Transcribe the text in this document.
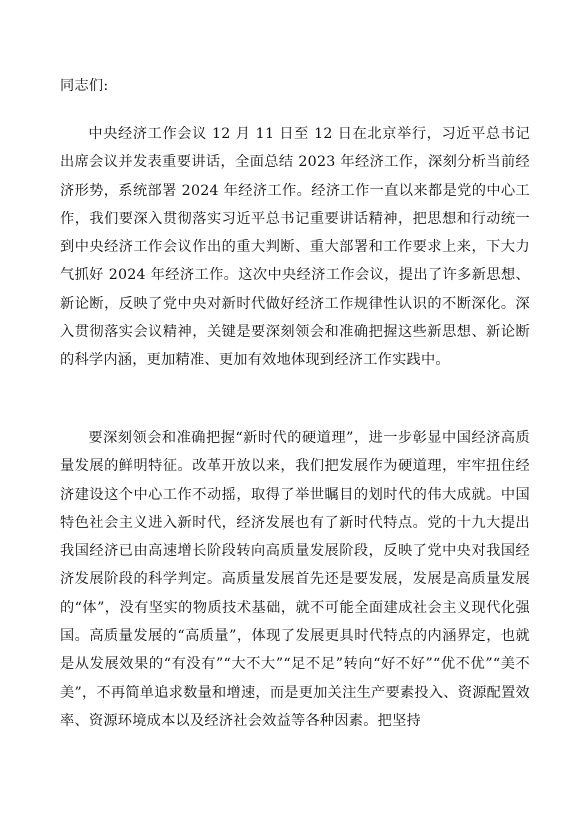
同志们:

中央经济工作会议 12 月 11 日至 12 日在北京举行，习近平总书记出席会议并发表重要讲话，全面总结 2023 年经济工作，深刻分析当前经济形势，系统部署 2024 年经济工作。经济工作一直以来都是党的中心工作，我们要深入贯彻落实习近平总书记重要讲话精神，把思想和行动统一到中央经济工作会议作出的重大判断、重大部署和工作要求上来，下大力气抓好 2024 年经济工作。这次中央经济工作会议，提出了许多新思想、新论断，反映了党中央对新时代做好经济工作规律性认识的不断深化。深入贯彻落实会议精神，关键是要深刻领会和准确把握这些新思想、新论断的科学内涵，更加精准、更加有效地体现到经济工作实践中。

要深刻领会和准确把握“新时代的硬道理”，进一步彰显中国经济高质量发展的鲜明特征。改革开放以来，我们把发展作为硬道理，牢牢扭住经济建设这个中心工作不动摇，取得了举世瞩目的划时代的伟大成就。中国特色社会主义进入新时代，经济发展也有了新时代特点。党的十九大提出我国经济已由高速增长阶段转向高质量发展阶段，反映了党中央对我国经济发展阶段的科学判定。高质量发展首先还是要发展，发展是高质量发展的“体”，没有坚实的物质技术基础，就不可能全面建成社会主义现代化强国。高质量发展的“高质量”，体现了发展更具时代特点的内涵界定，也就是从发展效果的“有没有”“大不大”“足不足”转向“好不好”“优不优”“美不美”，不再简单追求数量和增速，而是更加关注生产要素投入、资源配置效率、资源环境成本以及经济社会效益等各种因素。把坚持
